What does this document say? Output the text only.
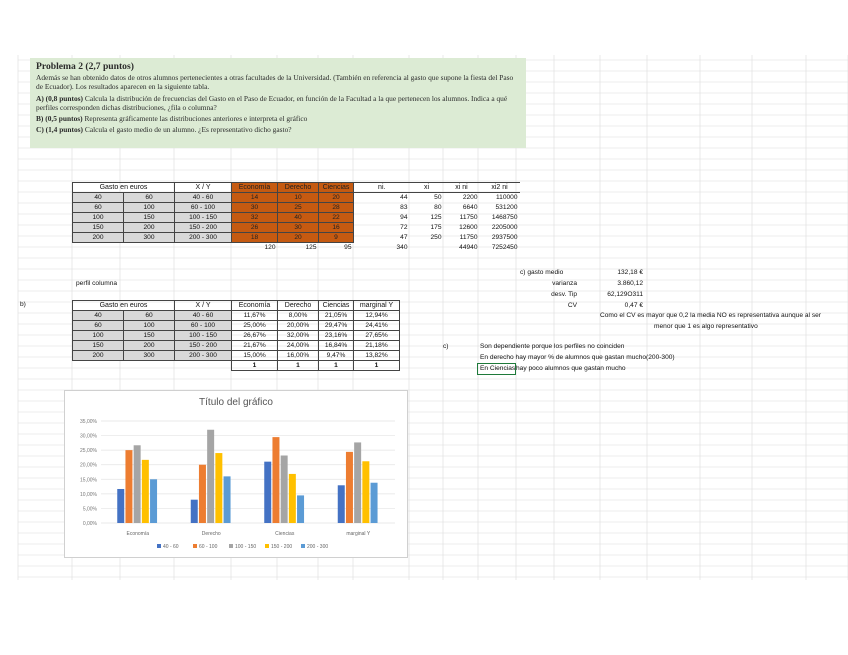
Problema 2 (2,7 puntos)

Además se han obtenido datos de otros alumnos pertenecientes a otras facultades de la Universidad. (También en referencia al gasto que supone la fiesta del Paso de Ecuador). Los resultados aparecen en la siguiente tabla.

A) (0,8 puntos) Calcula la distribución de frecuencias del Gasto en el Paso de Ecuador, en función de la Facultad a la que pertenecen los alumnos. Indica a qué perfiles corresponden dichas distribuciones, ¿fila o columna?

B) (0,5 puntos) Representa gráficamente las distribuciones anteriores e interpreta el gráfico

C) (1,4 puntos) Calcula el gasto medio de un alumno. ¿Es representativo dicho gasto?

Gasto en euros		X / Y	Economía	Derecho	Ciencias	ni.	xi	xi ni	xi2 ni
40	60	40 - 60	14	10	20	44	50	2200	110000
60	100	60 - 100	30	25	28	83	80	6640	531200
100	150	100 - 150	32	40	22	94	125	11750	1468750
150	200	150 - 200	26	30	16	72	175	12600	2205000
200	300	200 - 300	18	20	9	47	250	11750	2937500
			120	125	95	340		44940	7252450
Gasto en euros		X / Y	Economía	Derecho	Ciencias	marginal Y
40	60	40 - 60	11,67%	8,00%	21,05%	12,94%
60	100	60 - 100	25,00%	20,00%	29,47%	24,41%
100	150	100 - 150	26,67%	32,00%	23,16%	27,65%
150	200	150 - 200	21,67%	24,00%	16,84%	21,18%
200	300	200 - 300	15,00%	16,00%	9,47%	13,82%
			1	1	1	1
perfil columna
b)
c)
c) gasto medio	132,18 €
varianza	3.860,12
desv. Tip	62,129O311
CV	0,47 €
Como el CV es mayor que 0,2 la media NO es representativa aunque al ser
menor que 1 es algo representativo
Son dependiente porque los perfiles no coinciden
En derecho hay mayor % de alumnos que gastan mucho(200-300)
En Ciencias hay poco alumnos que gastan mucho
Título del gráfico
0,00%
5,00%
10,00%
15,00%
20,00%
25,00%
30,00%
35,00%
Economía	Derecho	Ciencias	marginal Y
40 - 60	60 - 100	100 - 150	150 - 200	200 - 300
